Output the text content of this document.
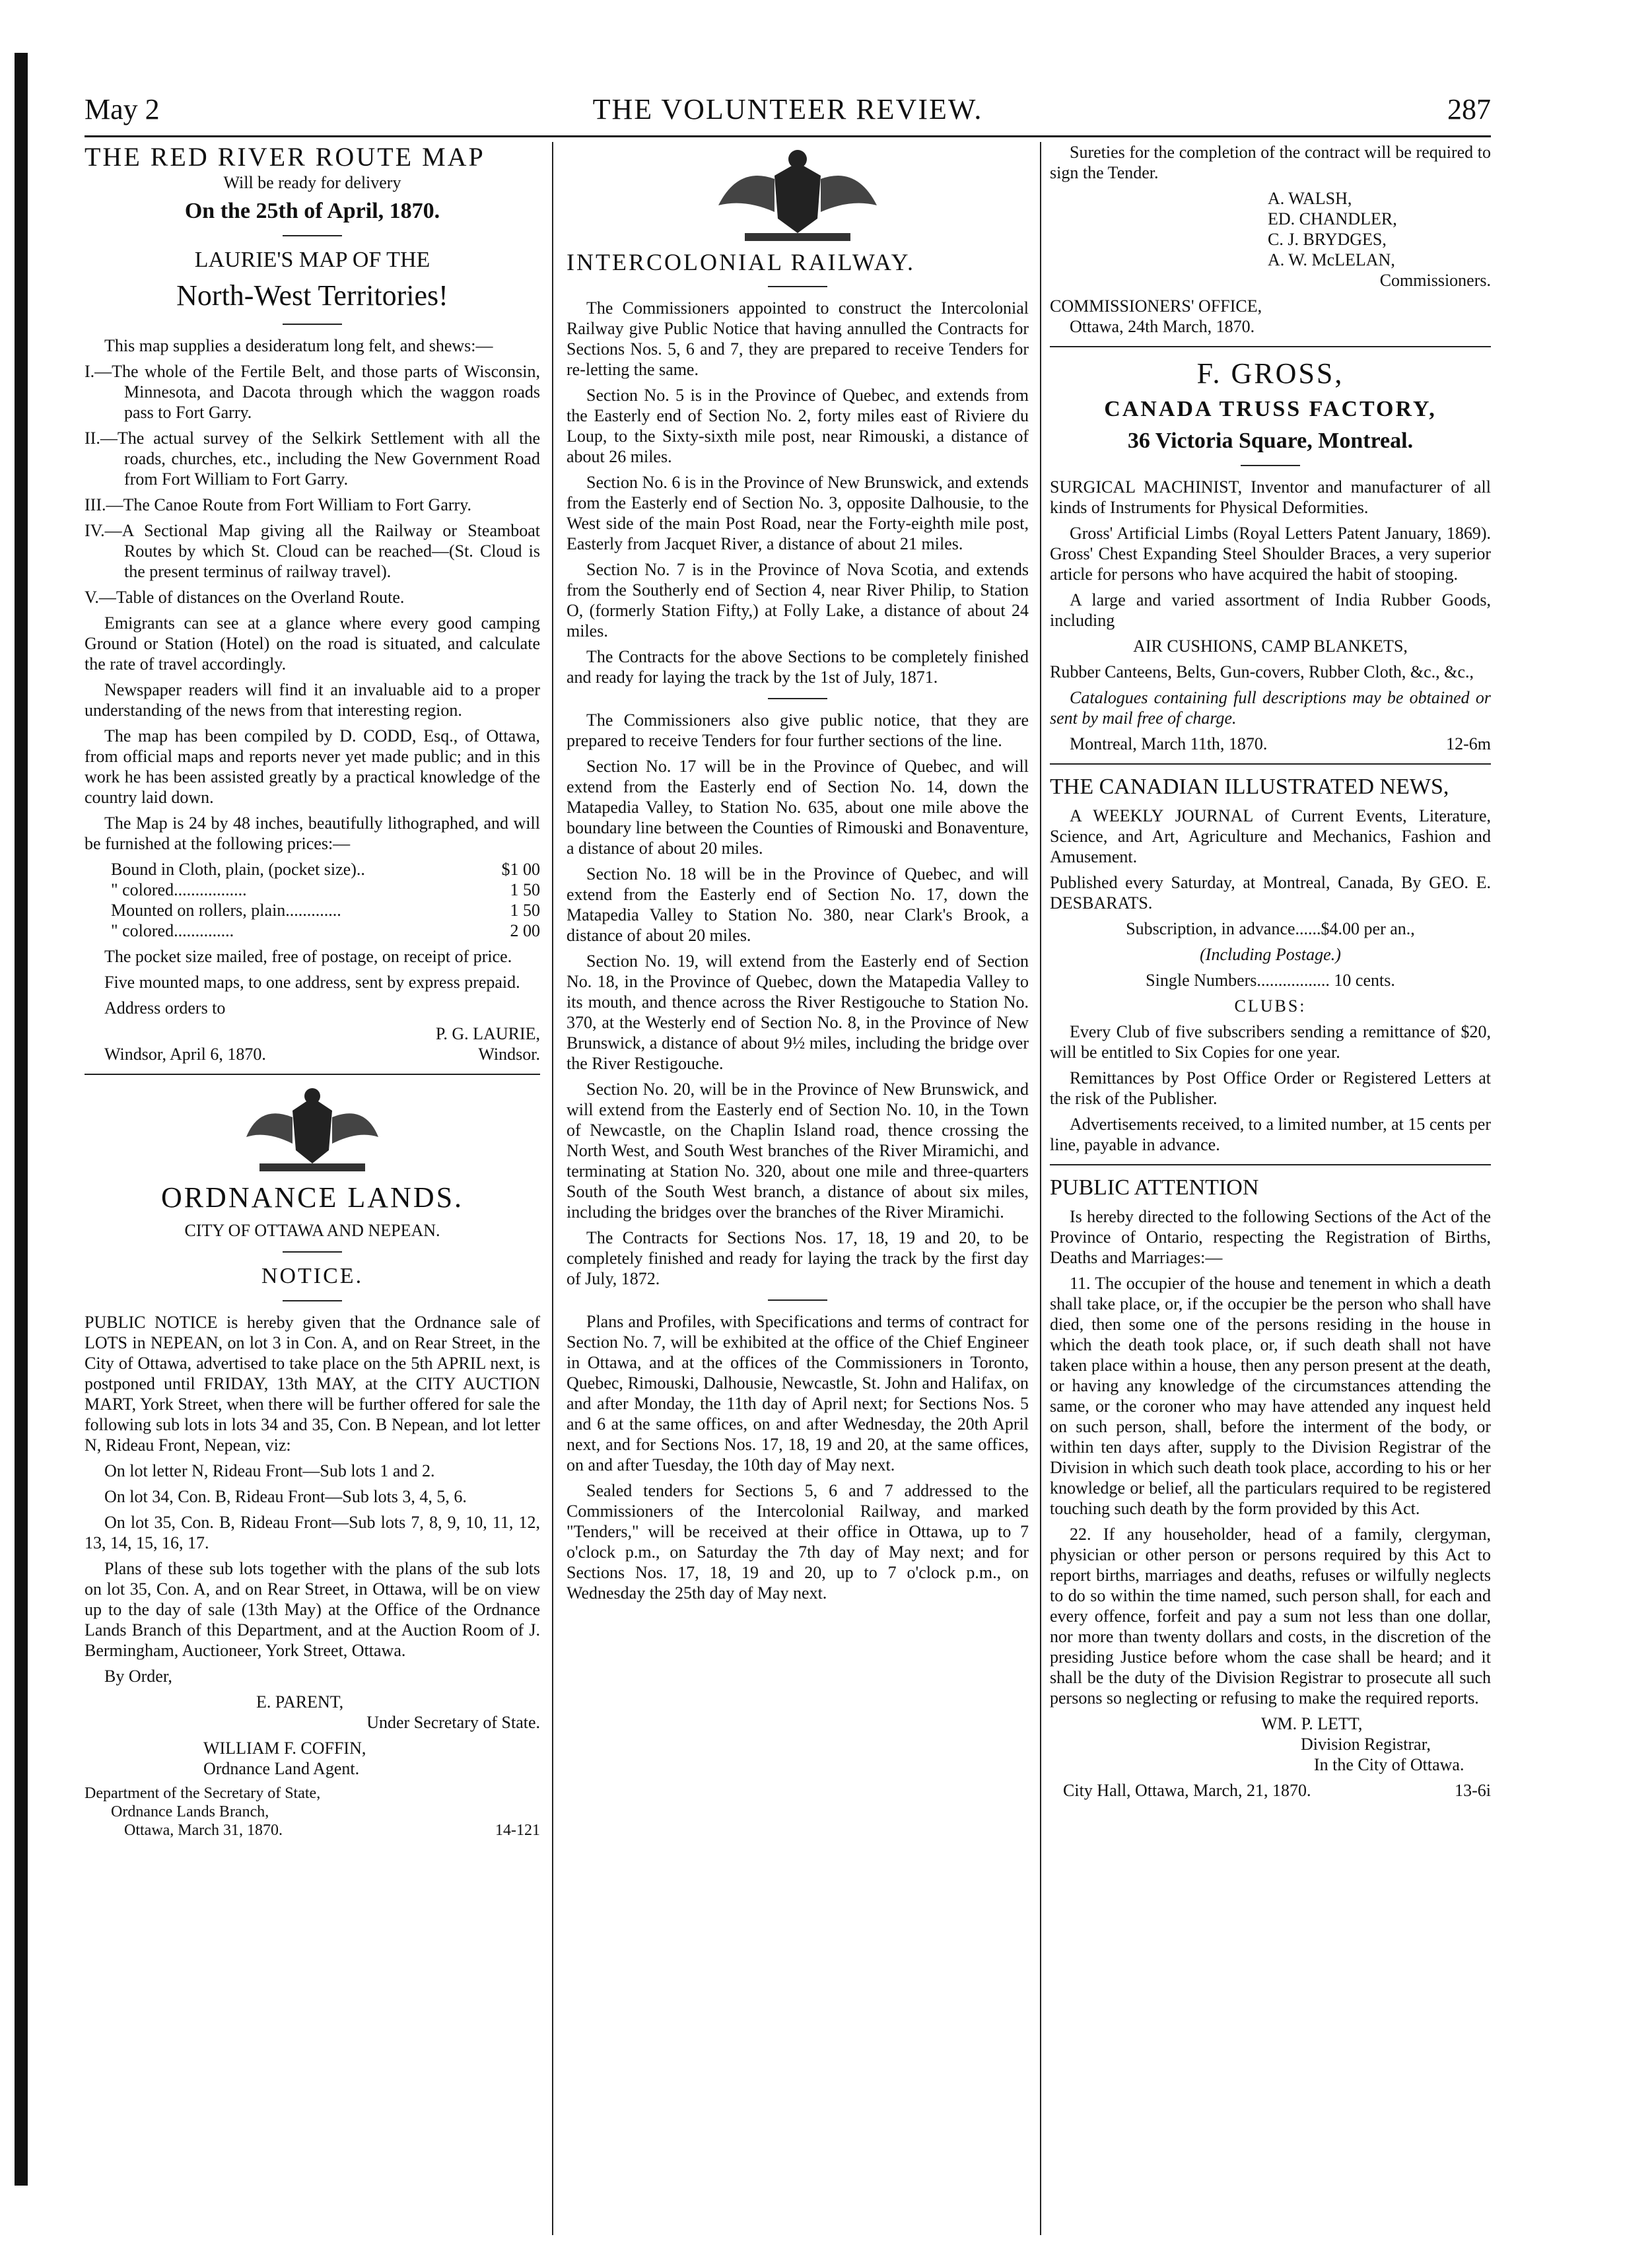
May 2	THE VOLUNTEER REVIEW.	287
THE RED RIVER ROUTE MAP

Will be ready for delivery

On the 25th of April, 1870.

LAURIE'S MAP OF THE

North-West Territories!

This map supplies a desideratum long felt, and shews:—

I.—The whole of the Fertile Belt, and those parts of Wisconsin, Minnesota, and Dacota through which the waggon roads pass to Fort Garry.

II.—The actual survey of the Selkirk Settlement with all the roads, churches, etc., including the New Government Road from Fort William to Fort Garry.

III.—The Canoe Route from Fort William to Fort Garry.

IV.—A Sectional Map giving all the Railway or Steamboat Routes by which St. Cloud can be reached—(St. Cloud is the present terminus of railway travel).

V.—Table of distances on the Overland Route.

Emigrants can see at a glance where every good camping Ground or Station (Hotel) on the road is situated, and calculate the rate of travel accordingly.

Newspaper readers will find it an invaluable aid to a proper understanding of the news from that interesting region.

The map has been compiled by D. CODD, Esq., of Ottawa, from official maps and reports never yet made public; and in this work he has been assisted greatly by a practical knowledge of the country laid down.

The Map is 24 by 48 inches, beautifully lithographed, and will be furnished at the following prices:—

Bound in Cloth, plain, (pocket size)..	$1 00
" colored.................	1 50
Mounted on rollers, plain.............	1 50
" colored..............	2 00

The pocket size mailed, free of postage, on receipt of price.

Five mounted maps, to one address, sent by express prepaid.

Address orders to

P. G. LAURIE,

Windsor, April 6, 1870.	Windsor.

ORDNANCE LANDS.

CITY OF OTTAWA AND NEPEAN.

NOTICE.

PUBLIC NOTICE is hereby given that the Ordnance sale of LOTS in NEPEAN, on lot 3 in Con. A, and on Rear Street, in the City of Ottawa, advertised to take place on the 5th APRIL next, is postponed until FRIDAY, 13th MAY, at the CITY AUCTION MART, York Street, when there will be further offered for sale the following sub lots in lots 34 and 35, Con. B Nepean, and lot letter N, Rideau Front, Nepean, viz:

On lot letter N, Rideau Front—Sub lots 1 and 2.

On lot 34, Con. B, Rideau Front—Sub lots 3, 4, 5, 6.

On lot 35, Con. B, Rideau Front—Sub lots 7, 8, 9, 10, 11, 12, 13, 14, 15, 16, 17.

Plans of these sub lots together with the plans of the sub lots on lot 35, Con. A, and on Rear Street, in Ottawa, will be on view up to the day of sale (13th May) at the Office of the Ordnance Lands Branch of this Department, and at the Auction Room of J. Bermingham, Auctioneer, York Street, Ottawa.

By Order,

E. PARENT,

Under Secretary of State.

WILLIAM F. COFFIN,

Ordnance Land Agent.

Department of the Secretary of State,
Ordnance Lands Branch,
Ottawa, March 31, 1870.	14-121

INTERCOLONIAL RAILWAY.

The Commissioners appointed to construct the Intercolonial Railway give Public Notice that having annulled the Contracts for Sections Nos. 5, 6 and 7, they are prepared to receive Tenders for re-letting the same.

Section No. 5 is in the Province of Quebec, and extends from the Easterly end of Section No. 2, forty miles east of Riviere du Loup, to the Sixty-sixth mile post, near Rimouski, a distance of about 26 miles.

Section No. 6 is in the Province of New Brunswick, and extends from the Easterly end of Section No. 3, opposite Dalhousie, to the West side of the main Post Road, near the Forty-eighth mile post, Easterly from Jacquet River, a distance of about 21 miles.

Section No. 7 is in the Province of Nova Scotia, and extends from the Southerly end of Section 4, near River Philip, to Station O, (formerly Station Fifty,) at Folly Lake, a distance of about 24 miles.

The Contracts for the above Sections to be completely finished and ready for laying the track by the 1st of July, 1871.

The Commissioners also give public notice, that they are prepared to receive Tenders for four further sections of the line.

Section No. 17 will be in the Province of Quebec, and will extend from the Easterly end of Section No. 14, down the Matapedia Valley, to Station No. 635, about one mile above the boundary line between the Counties of Rimouski and Bonaventure, a distance of about 20 miles.

Section No. 18 will be in the Province of Quebec, and will extend from the Easterly end of Section No. 17, down the Matapedia Valley to Station No. 380, near Clark's Brook, a distance of about 20 miles.

Section No. 19, will extend from the Easterly end of Section No. 18, in the Province of Quebec, down the Matapedia Valley to its mouth, and thence across the River Restigouche to Station No. 370, at the Westerly end of Section No. 8, in the Province of New Brunswick, a distance of about 9½ miles, including the bridge over the River Restigouche.

Section No. 20, will be in the Province of New Brunswick, and will extend from the Easterly end of Section No. 10, in the Town of Newcastle, on the Chaplin Island road, thence crossing the North West, and South West branches of the River Miramichi, and terminating at Station No. 320, about one mile and three-quarters South of the South West branch, a distance of about six miles, including the bridges over the branches of the River Miramichi.

The Contracts for Sections Nos. 17, 18, 19 and 20, to be completely finished and ready for laying the track by the first day of July, 1872.

Plans and Profiles, with Specifications and terms of contract for Section No. 7, will be exhibited at the office of the Chief Engineer in Ottawa, and at the offices of the Commissioners in Toronto, Quebec, Rimouski, Dalhousie, Newcastle, St. John and Halifax, on and after Monday, the 11th day of April next; for Sections Nos. 5 and 6 at the same offices, on and after Wednesday, the 20th April next, and for Sections Nos. 17, 18, 19 and 20, at the same offices, on and after Tuesday, the 10th day of May next.

Sealed tenders for Sections 5, 6 and 7 addressed to the Commissioners of the Intercolonial Railway, and marked "Tenders," will be received at their office in Ottawa, up to 7 o'clock p.m., on Saturday the 7th day of May next; and for Sections Nos. 17, 18, 19 and 20, up to 7 o'clock p.m., on Wednesday the 25th day of May next.

Sureties for the completion of the contract will be required to sign the Tender.

A. WALSH,
ED. CHANDLER,
C. J. BRYDGES,
A. W. McLELAN,

Commissioners.

COMMISSIONERS' OFFICE,

Ottawa, 24th March, 1870.

F. GROSS,

CANADA TRUSS FACTORY,

36 Victoria Square, Montreal.

SURGICAL MACHINIST, Inventor and manufacturer of all kinds of Instruments for Physical Deformities.

Gross' Artificial Limbs (Royal Letters Patent January, 1869). Gross' Chest Expanding Steel Shoulder Braces, a very superior article for persons who have acquired the habit of stooping.

A large and varied assortment of India Rubber Goods, including

AIR CUSHIONS, CAMP BLANKETS,

Rubber Canteens, Belts, Gun-covers, Rubber Cloth, &c., &c.,

Catalogues containing full descriptions may be obtained or sent by mail free of charge.

Montreal, March 11th, 1870.	12-6m

THE CANADIAN ILLUSTRATED NEWS,

A WEEKLY JOURNAL of Current Events, Literature, Science, and Art, Agriculture and Mechanics, Fashion and Amusement.

Published every Saturday, at Montreal, Canada, By GEO. E. DESBARATS.

Subscription, in advance......$4.00 per an.,

(Including Postage.)

Single Numbers................. 10 cents.

CLUBS:

Every Club of five subscribers sending a remittance of $20, will be entitled to Six Copies for one year.

Remittances by Post Office Order or Registered Letters at the risk of the Publisher.

Advertisements received, to a limited number, at 15 cents per line, payable in advance.

PUBLIC ATTENTION

Is hereby directed to the following Sections of the Act of the Province of Ontario, respecting the Registration of Births, Deaths and Marriages:—

11. The occupier of the house and tenement in which a death shall take place, or, if the occupier be the person who shall have died, then some one of the persons residing in the house in which the death took place, or, if such death shall not have taken place within a house, then any person present at the death, or having any knowledge of the circumstances attending the same, or the coroner who may have attended any inquest held on such person, shall, before the interment of the body, or within ten days after, supply to the Division Registrar of the Division in which such death took place, according to his or her knowledge or belief, all the particulars required to be registered touching such death by the form provided by this Act.

22. If any householder, head of a family, clergyman, physician or other person or persons required by this Act to report births, marriages and deaths, refuses or wilfully neglects to do so within the time named, such person shall, for each and every offence, forfeit and pay a sum not less than one dollar, nor more than twenty dollars and costs, in the discretion of the presiding Justice before whom the case shall be heard; and it shall be the duty of the Division Registrar to prosecute all such persons so neglecting or refusing to make the required reports.

WM. P. LETT,

Division Registrar,

In the City of Ottawa.

City Hall, Ottawa, March, 21, 1870.	13-6i
